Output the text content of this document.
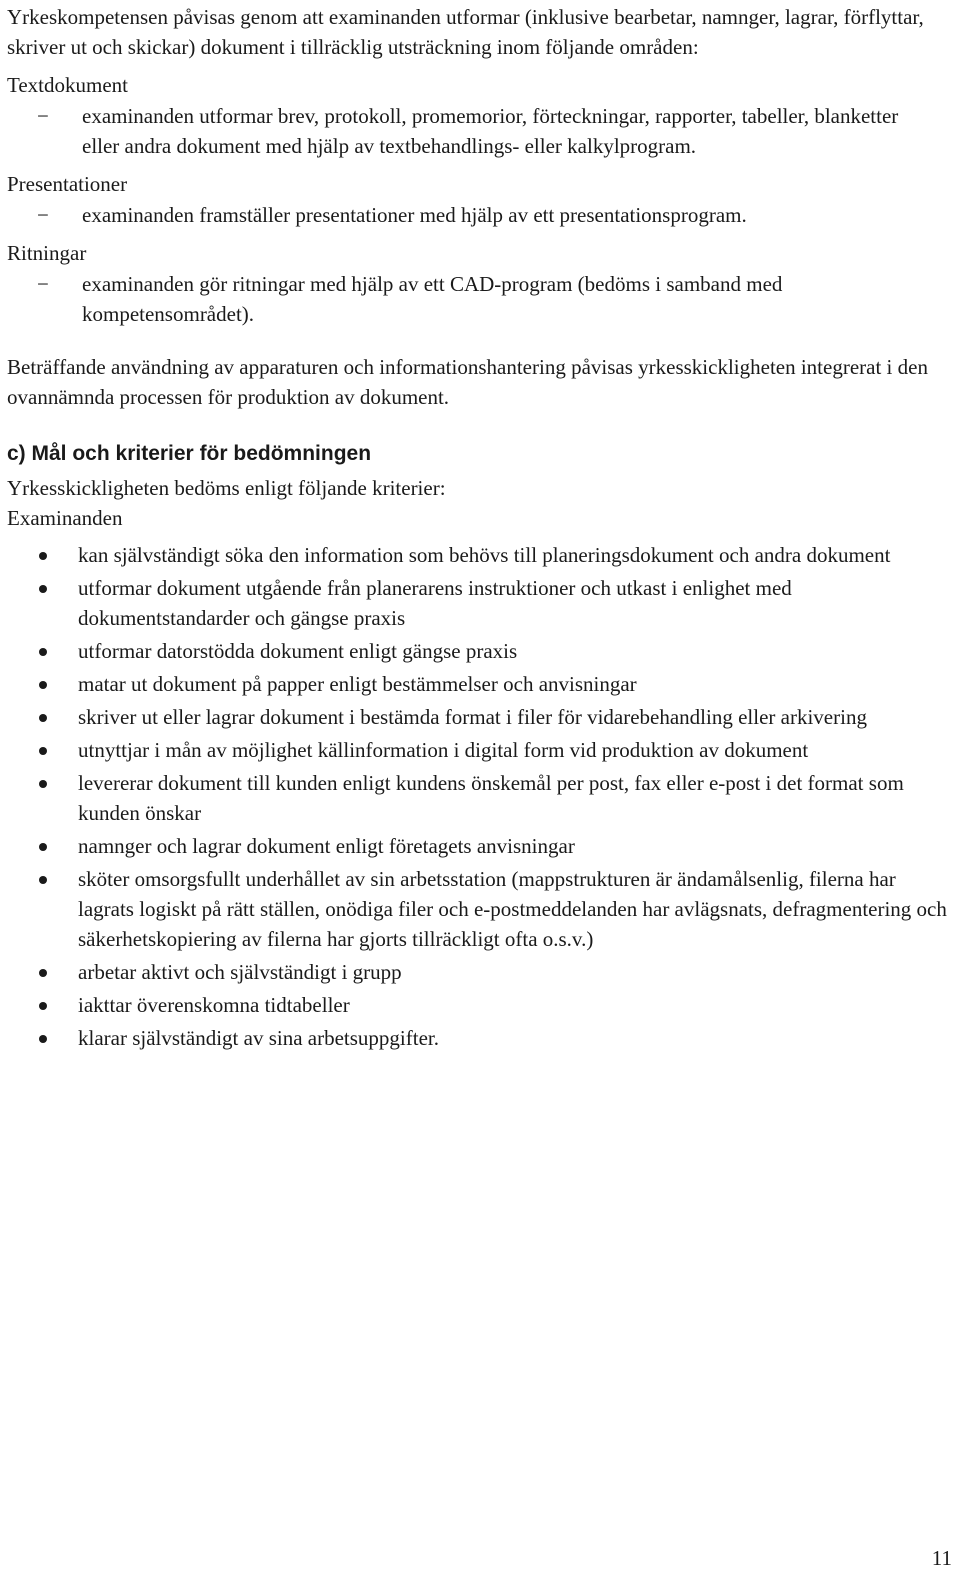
Yrkeskompetensen påvisas genom att examinanden utformar (inklusive bearbetar, namnger, lagrar, förflyttar, skriver ut och skickar) dokument i tillräcklig utsträckning inom följande områden:

Textdokument

− examinanden utformar brev, protokoll, promemorior, förteckningar, rapporter, tabeller, blanketter eller andra dokument med hjälp av textbehandlings- eller kalkylprogram.

Presentationer

− examinanden framställer presentationer med hjälp av ett presentationsprogram.

Ritningar

− examinanden gör ritningar med hjälp av ett CAD-program (bedöms i samband med kompetensområdet).

Beträffande användning av apparaturen och informationshantering påvisas yrkesskickligheten integrerat i den ovannämnda processen för produktion av dokument.

c) Mål och kriterier för bedömningen

Yrkesskickligheten bedöms enligt följande kriterier:

Examinanden

kan självständigt söka den information som behövs till planeringsdokument och andra dokument
utformar dokument utgående från planerarens instruktioner och utkast i enlighet med dokumentstandarder och gängse praxis
utformar datorstödda dokument enligt gängse praxis
matar ut dokument på papper enligt bestämmelser och anvisningar
skriver ut eller lagrar dokument i bestämda format i filer för vidarebehandling eller arkivering
utnyttjar i mån av möjlighet källinformation i digital form vid produktion av dokument
levererar dokument till kunden enligt kundens önskemål per post, fax eller e-post i det format som kunden önskar
namnger och lagrar dokument enligt företagets anvisningar
sköter omsorgsfullt underhållet av sin arbetsstation (mappstrukturen är ändamålsenlig, filerna har lagrats logiskt på rätt ställen, onödiga filer och e-postmeddelanden har avlägsnats, defragmentering och säkerhetskopiering av filerna har gjorts tillräckligt ofta o.s.v.)
arbetar aktivt och självständigt i grupp
iakttar överenskomna tidtabeller
klarar självständigt av sina arbetsuppgifter.
11
